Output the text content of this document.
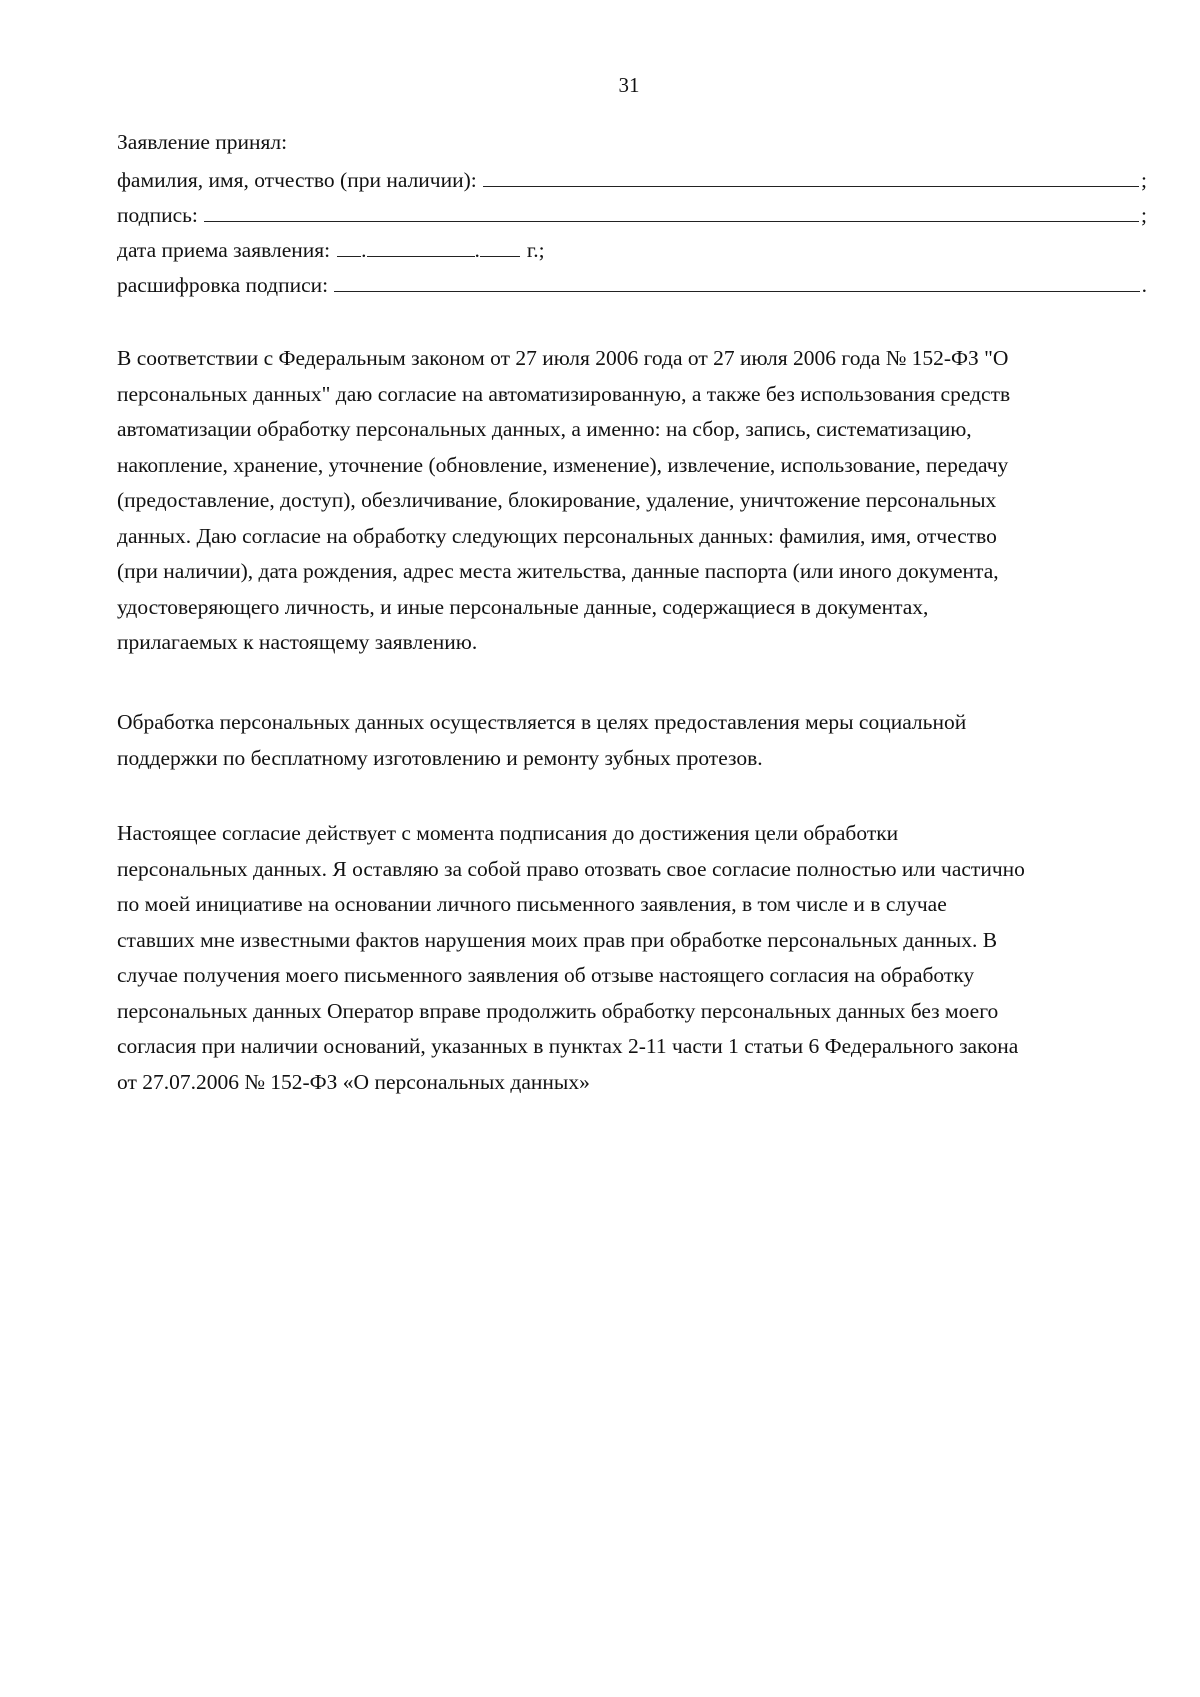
31
Заявление принял:
фамилия, имя, отчество (при наличии):	;
подпись:	;
дата приема заявления: .	. г.;
расшифровка подписи:	.
В соответствии с Федеральным законом от 27 июля 2006 года от 27 июля 2006 года № 152-ФЗ "О
персональных данных" даю согласие на автоматизированную, а также без использования средств
автоматизации обработку персональных данных, а именно: на сбор, запись, систематизацию,
накопление, хранение, уточнение (обновление, изменение), извлечение, использование, передачу
(предоставление, доступ), обезличивание, блокирование, удаление, уничтожение персональных
данных. Даю согласие на обработку следующих персональных данных: фамилия, имя, отчество
(при наличии), дата рождения, адрес места жительства, данные паспорта (или иного документа,
удостоверяющего личность, и иные персональные данные, содержащиеся в документах,
прилагаемых к настоящему заявлению.
Обработка персональных данных осуществляется в целях предоставления меры социальной
поддержки по бесплатному изготовлению и ремонту зубных протезов.
Настоящее согласие действует с момента подписания до достижения цели обработки
персональных данных. Я оставляю за собой право отозвать свое согласие полностью или частично
по моей инициативе на основании личного письменного заявления, в том числе и в случае
ставших мне известными фактов нарушения моих прав при обработке персональных данных. В
случае получения моего письменного заявления об отзыве настоящего согласия на обработку
персональных данных Оператор вправе продолжить обработку персональных данных без моего
согласия при наличии оснований, указанных в пунктах 2-11 части 1 статьи 6 Федерального закона
от 27.07.2006 № 152-ФЗ «О персональных данных»
